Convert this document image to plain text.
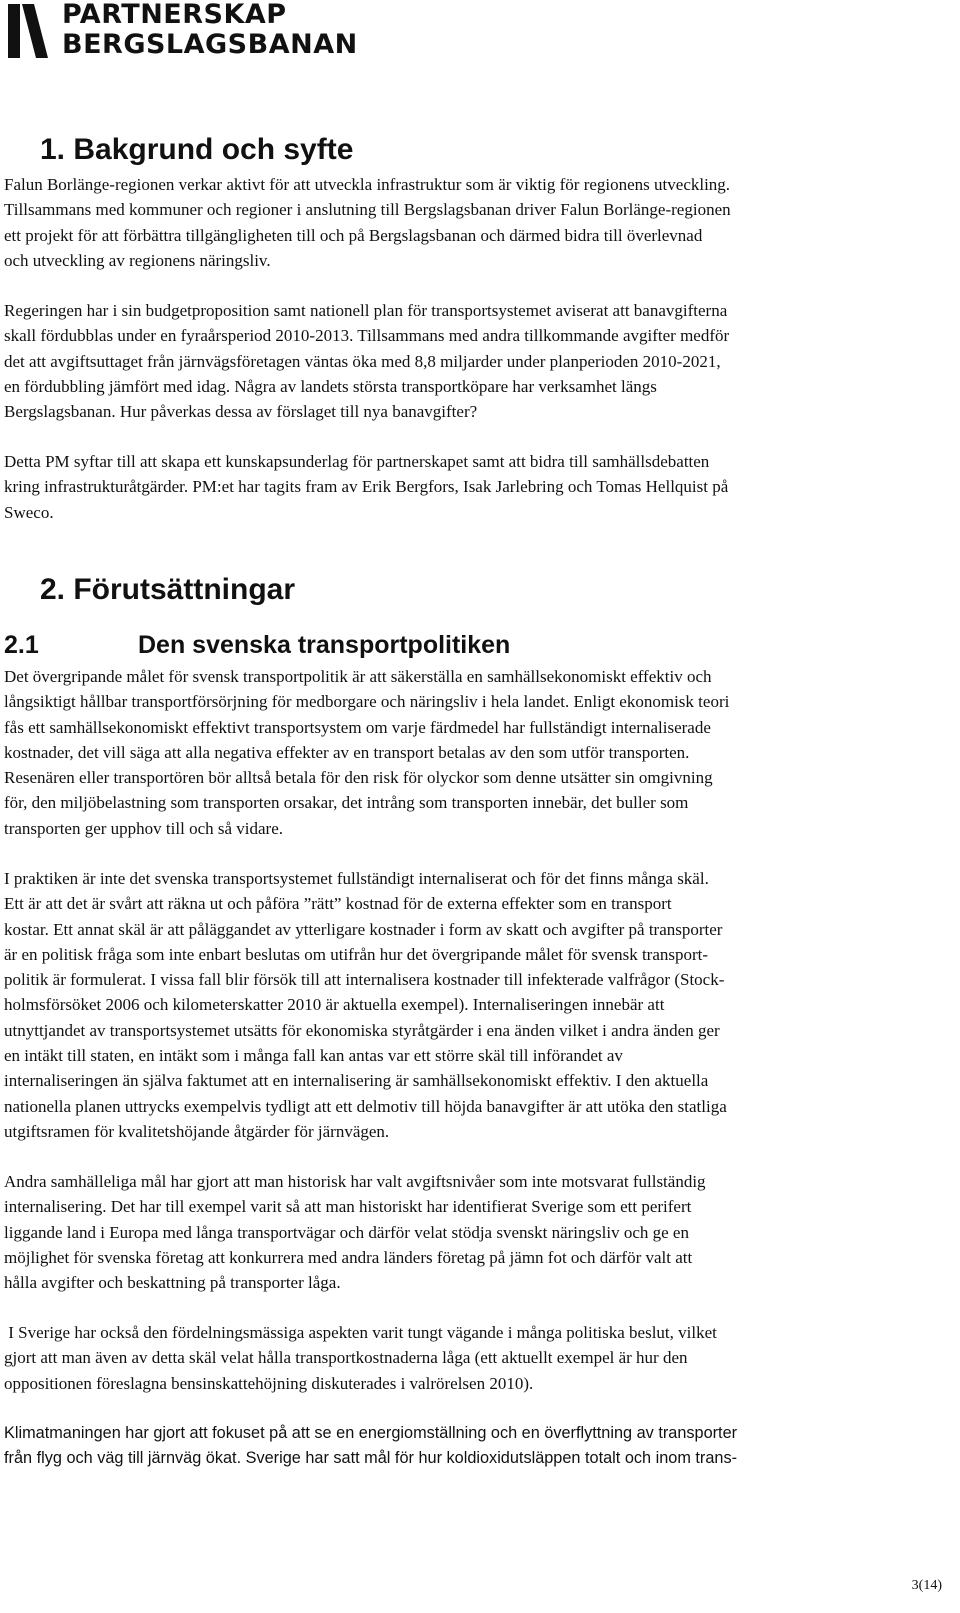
PARTNERSKAP
BERGSLAGSBANAN
1. Bakgrund och syfte
Falun Borlänge-regionen verkar aktivt för att utveckla infrastruktur som är viktig för regionens utveckling.
Tillsammans med kommuner och regioner i anslutning till Bergslagsbanan driver Falun Borlänge-regionen
ett projekt för att förbättra tillgängligheten till och på Bergslagsbanan och därmed bidra till överlevnad
och utveckling av regionens näringsliv.
Regeringen har i sin budgetproposition samt nationell plan för transportsystemet aviserat att banavgifterna
skall fördubblas under en fyraårsperiod 2010-2013. Tillsammans med andra tillkommande avgifter medför
det att avgiftsuttaget från järnvägsföretagen väntas öka med 8,8 miljarder under planperioden 2010-2021,
en fördubbling jämfört med idag. Några av landets största transportköpare har verksamhet längs
Bergslagsbanan. Hur påverkas dessa av förslaget till nya banavgifter?
Detta PM syftar till att skapa ett kunskapsunderlag för partnerskapet samt att bidra till samhällsdebatten
kring infrastrukturåtgärder. PM:et har tagits fram av Erik Bergfors, Isak Jarlebring och Tomas Hellquist på
Sweco.
2. Förutsättningar
2.1	Den svenska transportpolitiken
Det övergripande målet för svensk transportpolitik är att säkerställa en samhällsekonomiskt effektiv och
långsiktigt hållbar transportförsörjning för medborgare och näringsliv i hela landet. Enligt ekonomisk teori
fås ett samhällsekonomiskt effektivt transportsystem om varje färdmedel har fullständigt internaliserade
kostnader, det vill säga att alla negativa effekter av en transport betalas av den som utför transporten.
Resenären eller transportören bör alltså betala för den risk för olyckor som denne utsätter sin omgivning
för, den miljöbelastning som transporten orsakar, det intrång som transporten innebär, det buller som
transporten ger upphov till och så vidare.
I praktiken är inte det svenska transportsystemet fullständigt internaliserat och för det finns många skäl.
Ett är att det är svårt att räkna ut och påföra ”rätt” kostnad för de externa effekter som en transport
kostar. Ett annat skäl är att påläggandet av ytterligare kostnader i form av skatt och avgifter på transporter
är en politisk fråga som inte enbart beslutas om utifrån hur det övergripande målet för svensk transport-
politik är formulerat. I vissa fall blir försök till att internalisera kostnader till infekterade valfrågor (Stock-
holmsförsöket 2006 och kilometerskatter 2010 är aktuella exempel). Internaliseringen innebär att
utnyttjandet av transportsystemet utsätts för ekonomiska styråtgärder i ena änden vilket i andra änden ger
en intäkt till staten, en intäkt som i många fall kan antas var ett större skäl till införandet av
internaliseringen än själva faktumet att en internalisering är samhällsekonomiskt effektiv. I den aktuella
nationella planen uttrycks exempelvis tydligt att ett delmotiv till höjda banavgifter är att utöka den statliga
utgiftsramen för kvalitetshöjande åtgärder för järnvägen.
Andra samhälleliga mål har gjort att man historisk har valt avgiftsnivåer som inte motsvarat fullständig
internalisering. Det har till exempel varit så att man historiskt har identifierat Sverige som ett perifert
liggande land i Europa med långa transportvägar och därför velat stödja svenskt näringsliv och ge en
möjlighet för svenska företag att konkurrera med andra länders företag på jämn fot och därför valt att
hålla avgifter och beskattning på transporter låga.
I Sverige har också den fördelningsmässiga aspekten varit tungt vägande i många politiska beslut, vilket
gjort att man även av detta skäl velat hålla transportkostnaderna låga (ett aktuellt exempel är hur den
oppositionen föreslagna bensinskattehöjning diskuterades i valrörelsen 2010).
Klimatmaningen har gjort att fokuset på att se en energiomställning och en överflyttning av transporter
från flyg och väg till järnväg ökat. Sverige har satt mål för hur koldioxidutsläppen totalt och inom trans-
3(14)
